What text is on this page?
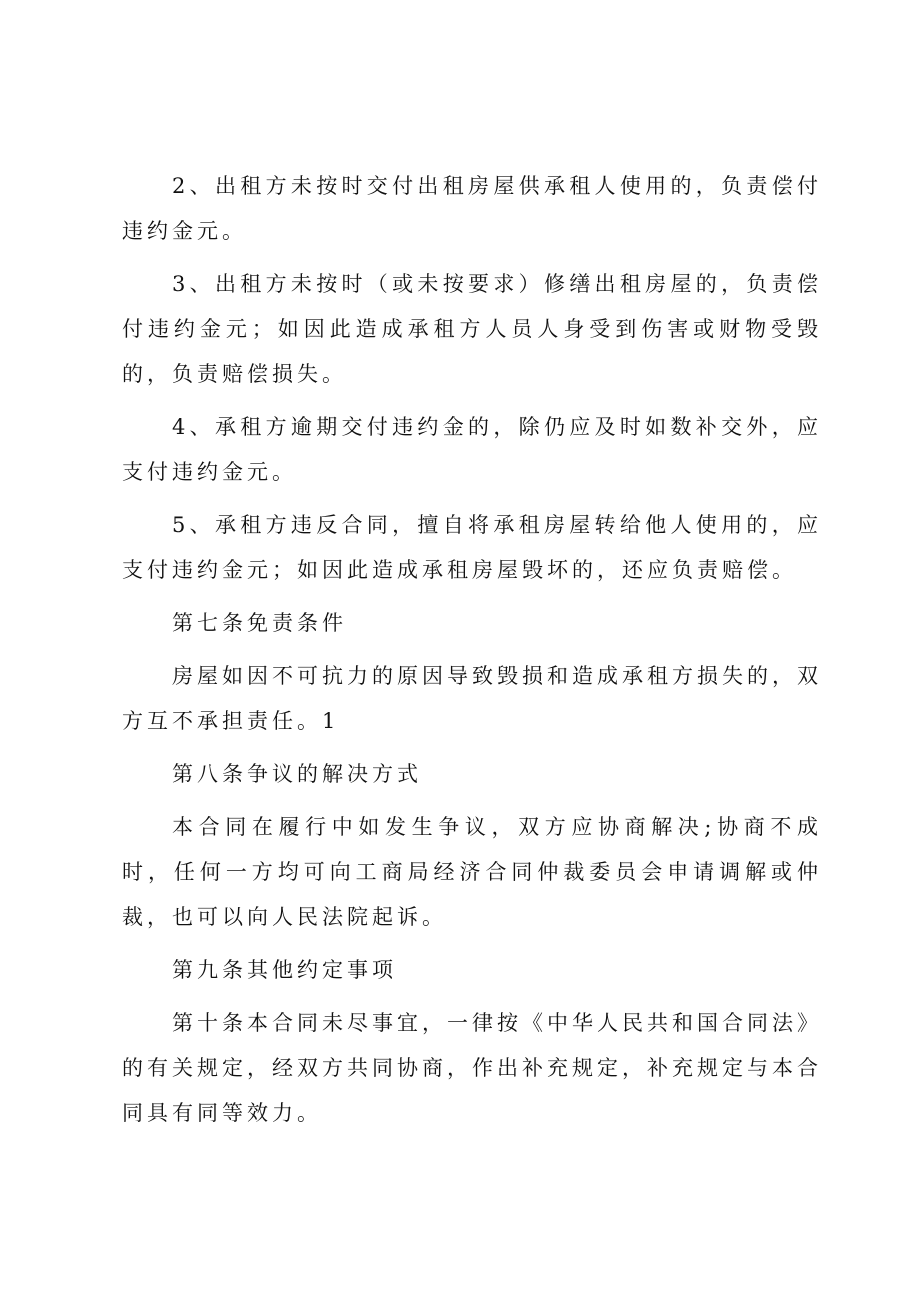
2、出租方未按时交付出租房屋供承租人使用的，负责偿付违约金元。

3、出租方未按时（或未按要求）修缮出租房屋的，负责偿付违约金元；如因此造成承租方人员人身受到伤害或财物受毁的，负责赔偿损失。

4、承租方逾期交付违约金的，除仍应及时如数补交外，应支付违约金元。

5、承租方违反合同，擅自将承租房屋转给他人使用的，应支付违约金元；如因此造成承租房屋毁坏的，还应负责赔偿。

第七条免责条件

房屋如因不可抗力的原因导致毁损和造成承租方损失的，双方互不承担责任。1

第八条争议的解决方式

本合同在履行中如发生争议，双方应协商解决;协商不成时，任何一方均可向工商局经济合同仲裁委员会申请调解或仲裁，也可以向人民法院起诉。

第九条其他约定事项

第十条本合同未尽事宜，一律按《中华人民共和国合同法》的有关规定，经双方共同协商，作出补充规定，补充规定与本合同具有同等效力。
